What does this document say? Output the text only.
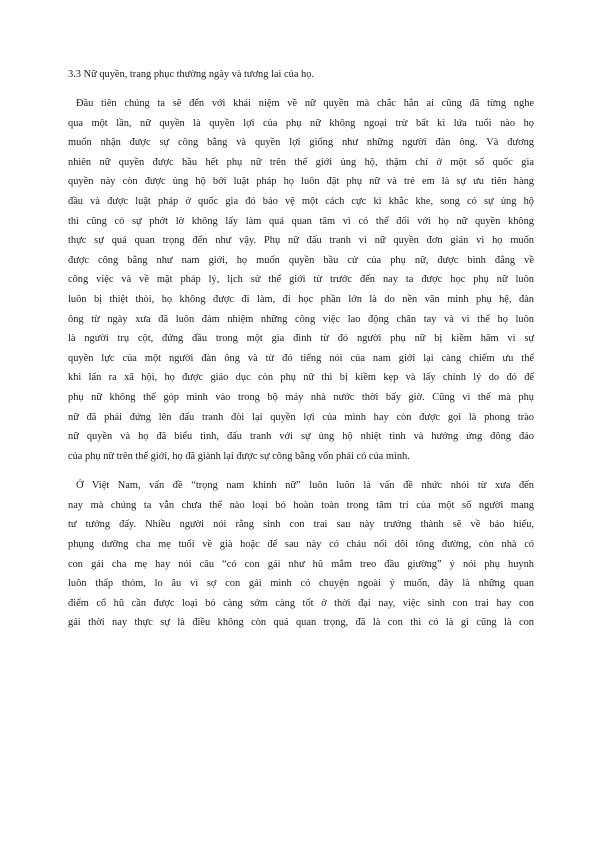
3.3 Nữ quyền, trang phục thường ngày và tương lai của họ.
Đầu tiên chúng ta sẽ đến với khái niệm về nữ quyền mà chắc hẳn ai cũng đã từng nghe
qua một lần, nữ quyền là quyền lợi của phụ nữ không ngoại trừ bất kì lứa tuổi nào họ
muốn nhận được sự công bằng và quyền lợi giống như những người đàn ông. Và đương
nhiên nữ quyền được hầu hết phụ nữ trên thế giới ủng hộ, thậm chí ở một số quốc gia
quyền này còn được ủng hộ bởi luật pháp họ luôn đặt phụ nữ và trẻ em là sự ưu tiên hàng
đầu và được luật pháp ở quốc gia đó bảo vệ một cách cực kì khắc khe, song có sự ủng hộ
thì cũng có sự phớt lờ không lấy làm quá quan tâm vì có thể đối với họ nữ quyền không
thực sự quá quan trọng đến như vậy. Phụ nữ đấu tranh vì nữ quyền đơn giản vì họ muốn
được công bằng như nam giới, họ muốn quyền bầu cử của phụ nữ, được bình đẳng về
công việc và về mặt pháp lý, lịch sử thế giới từ trước đến nay ta được học phụ nữ luôn
luôn bị thiệt thòi, họ không được đi làm, đi học phần lớn là do nền văn minh phụ hệ, đàn
ông từ ngày xưa đã luôn đảm nhiệm những công việc lao động chân tay và vì thế họ luôn
là người trụ cột, đứng đầu trong một gia đình từ đó người phụ nữ bị kiềm hãm vì sự
quyền lực của một người đàn ông và từ đó tiếng nói của nam giới lại càng chiếm ưu thế
khi lấn ra xã hội, họ được giáo dục còn phụ nữ thì bị kiềm kẹp và lấy chính lý do đó để
phụ nữ không thể góp mình vào trong bộ máy nhà nước thời bấy giờ. Cũng vì thế mà phụ
nữ đã phải đứng lên đấu tranh đòi lại quyền lợi của mình hay còn được gọi là phong trào
nữ quyền và họ đã biểu tình, đấu tranh với sự ủng hộ nhiệt tình và hưởng ứng đông đảo
của phụ nữ trên thế giới, họ đã giành lại được sự công bằng vốn phải có của mình.
Ở Việt Nam, vấn đề “trọng nam khinh nữ” luôn luôn là vấn đề nhức nhói từ xưa đến
nay mà chúng ta vẫn chưa thể nào loại bỏ hoàn toàn trong tâm trí của một số người mang
tư tưởng đấy. Nhiều người nói rằng sinh con trai sau này trưởng thành sẽ về báo hiếu,
phụng dưỡng cha mẹ tuổi về già hoặc để sau này có cháu nối dõi tông đường, còn nhà có
con gái cha mẹ hay nói câu “có con gái như hũ mắm treo đầu giường” ý nói phụ huynh
luôn thấp thỏm, lo âu vì sợ con gái mình có chuyện ngoài ý muốn, đây là những quan
điểm cổ hũ cần được loại bỏ càng sớm càng tốt ở thời đại nay, việc sinh con trai hay con
gái thời nay thực sự là điều không còn quá quan trọng, đã là con thì có là gì cũng là con
